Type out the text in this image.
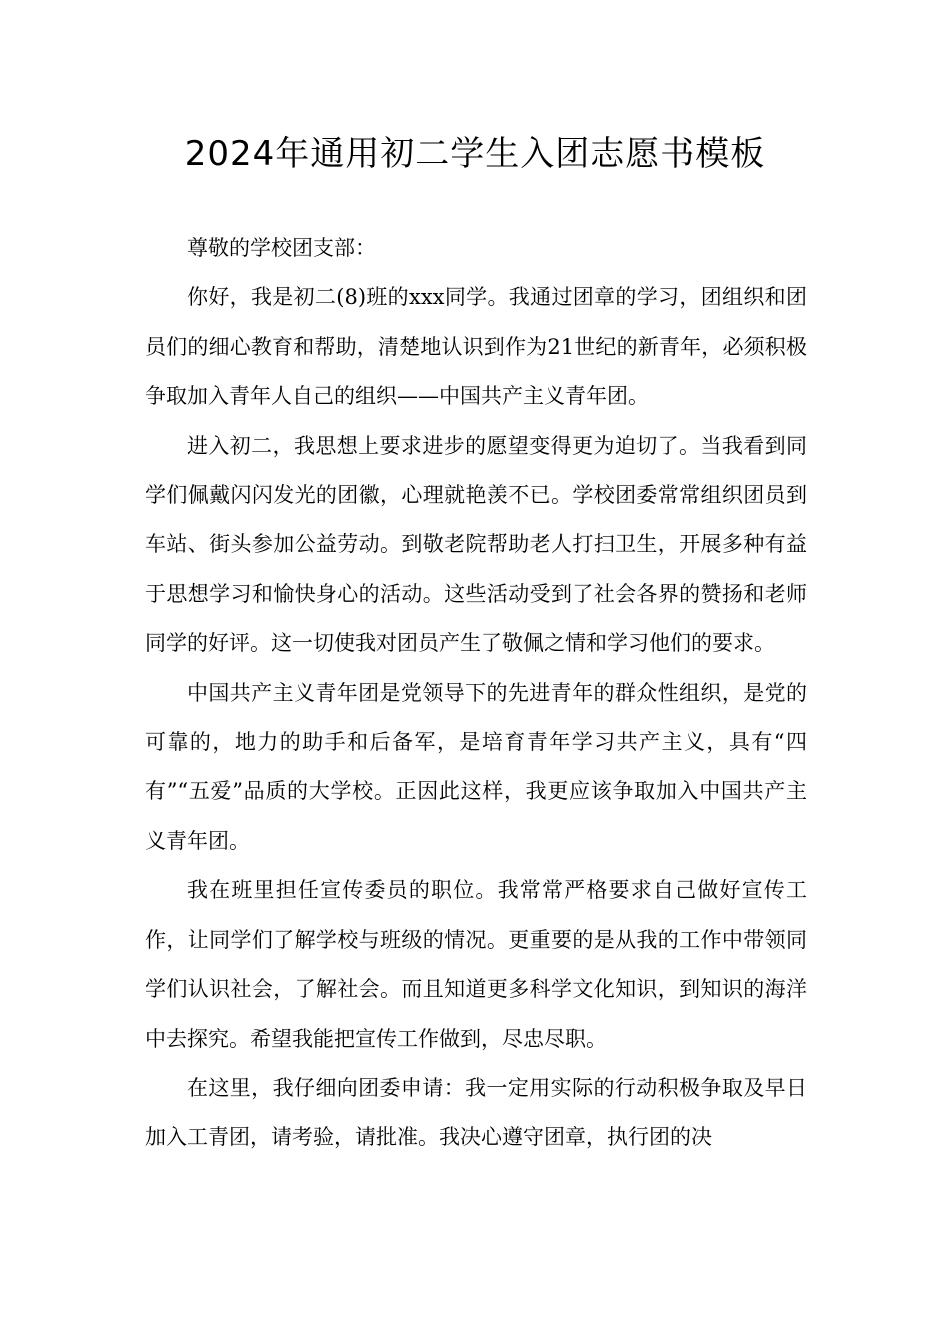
2024年通用初二学生入团志愿书模板

尊敬的学校团支部：

你好，我是初二(8)班的xxx同学。我通过团章的学习，团组织和团员们的细心教育和帮助，清楚地认识到作为21世纪的新青年，必须积极争取加入青年人自己的组织——中国共产主义青年团。

进入初二，我思想上要求进步的愿望变得更为迫切了。当我看到同学们佩戴闪闪发光的团徽，心理就艳羡不已。学校团委常常组织团员到车站、街头参加公益劳动。到敬老院帮助老人打扫卫生，开展多种有益于思想学习和愉快身心的活动。这些活动受到了社会各界的赞扬和老师同学的好评。这一切使我对团员产生了敬佩之情和学习他们的要求。

中国共产主义青年团是党领导下的先进青年的群众性组织，是党的可靠的，地力的助手和后备军，是培育青年学习共产主义，具有“四有”“五爱”品质的大学校。正因此这样，我更应该争取加入中国共产主义青年团。

我在班里担任宣传委员的职位。我常常严格要求自己做好宣传工作，让同学们了解学校与班级的情况。更重要的是从我的工作中带领同学们认识社会，了解社会。而且知道更多科学文化知识，到知识的海洋中去探究。希望我能把宣传工作做到，尽忠尽职。

在这里，我仔细向团委申请：我一定用实际的行动积极争取及早日加入工青团，请考验，请批准。我决心遵守团章，执行团的决
